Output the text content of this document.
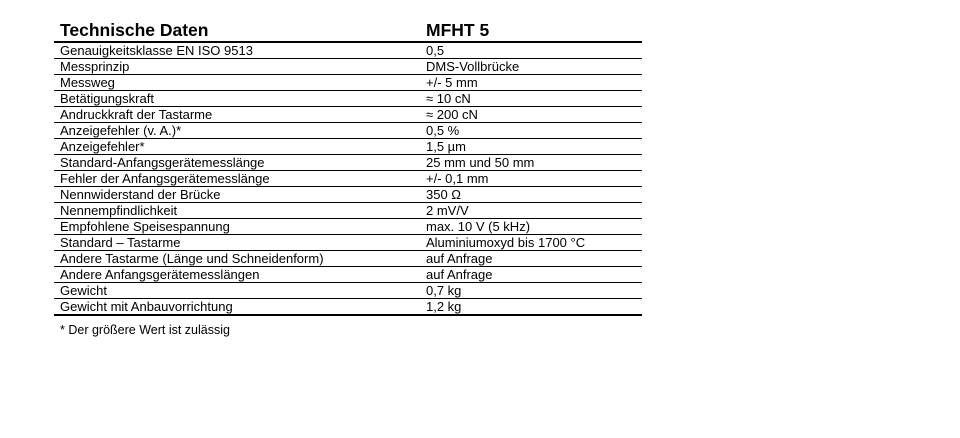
Technische Daten	MFHT 5
Genauigkeitsklasse EN ISO 9513	0,5
Messprinzip	DMS-Vollbrücke
Messweg	+/- 5 mm
Betätigungskraft	≈ 10 cN
Andruckkraft der Tastarme	≈ 200 cN
Anzeigefehler (v. A.)*	0,5 %
Anzeigefehler*	1,5 µm
Standard-Anfangsgerätemesslänge	25 mm und 50 mm
Fehler der Anfangsgerätemesslänge	+/- 0,1 mm
Nennwiderstand der Brücke	350 Ω
Nennempfindlichkeit	2 mV/V
Empfohlene Speisespannung	max. 10 V (5 kHz)
Standard – Tastarme	Aluminiumoxyd bis 1700 °C
Andere Tastarme (Länge und Schneidenform)	auf Anfrage
Andere Anfangsgerätemesslängen	auf Anfrage
Gewicht	0,7 kg
Gewicht mit Anbauvorrichtung	1,2 kg
* Der größere Wert ist zulässig
